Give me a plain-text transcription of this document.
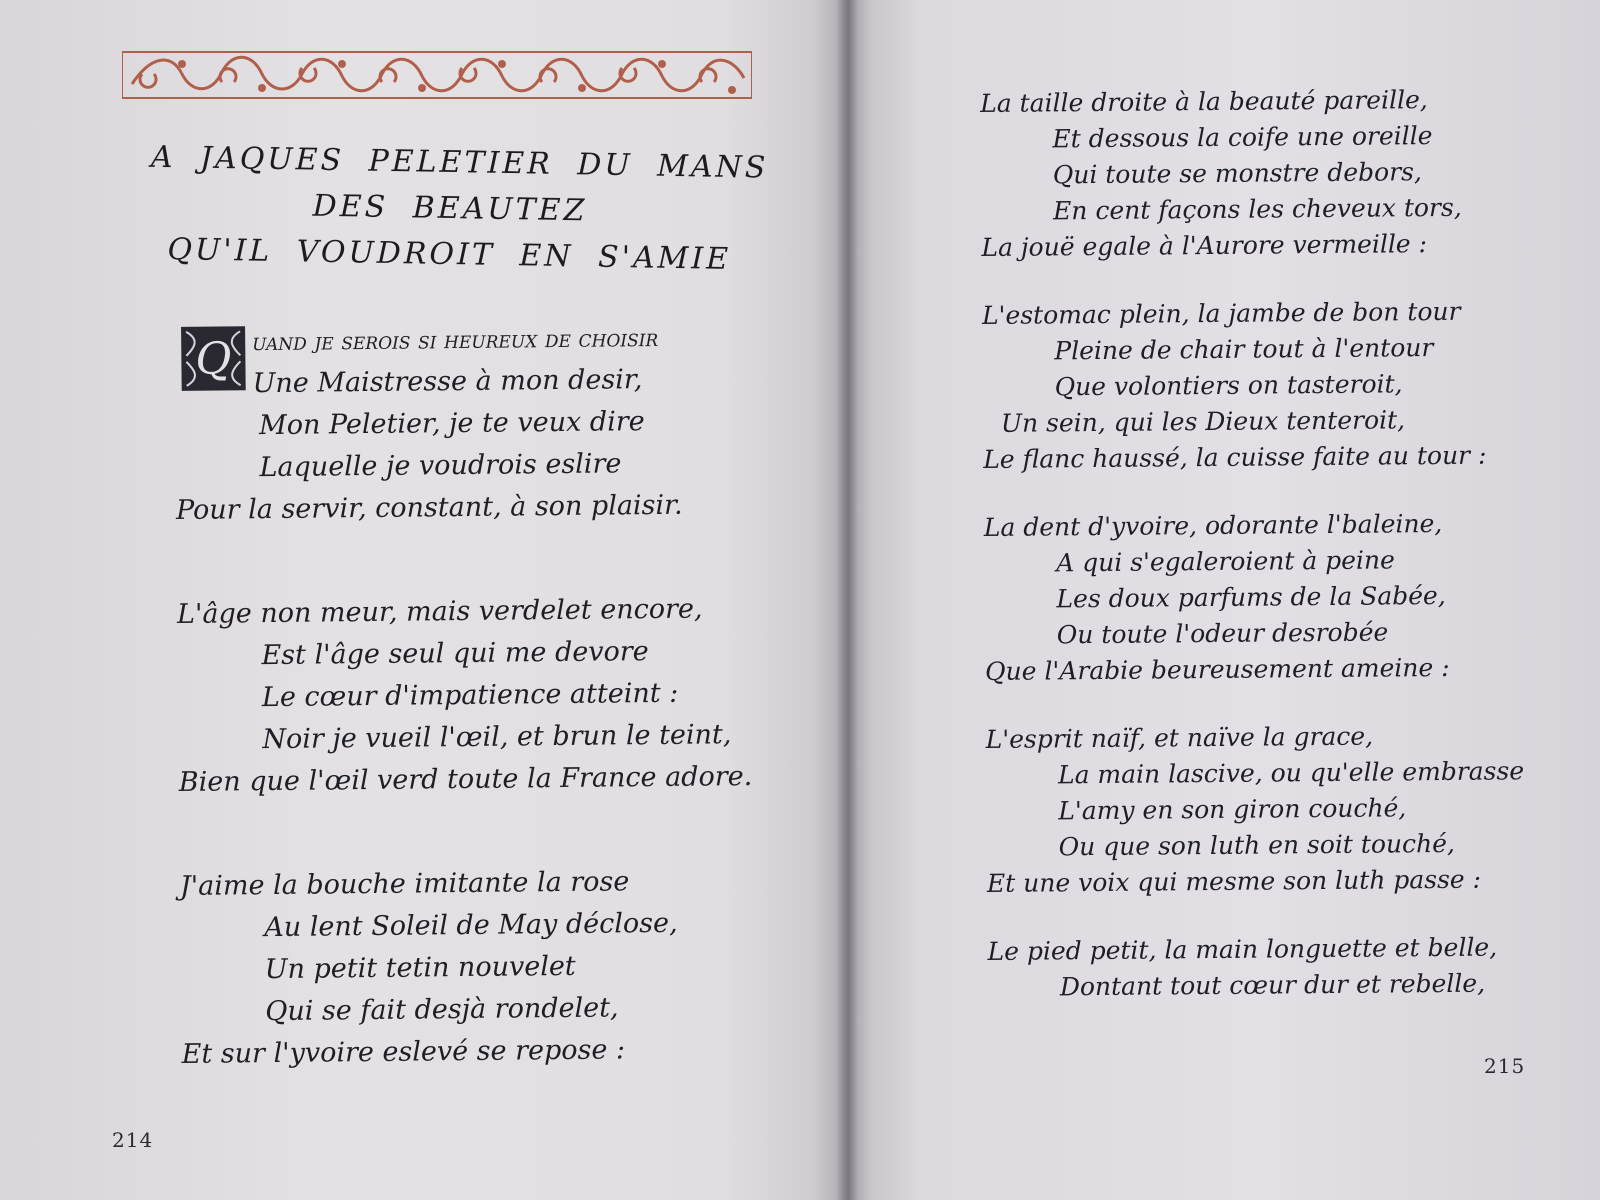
A JAQUES PELETIER DU MANS
DES BEAUTEZ
QU'IL VOUDROIT EN S'AMIE
Q uand je serois si heureux de choisir
Une Maistresse à mon desir,
Mon Peletier, je te veux dire
Laquelle je voudrois eslire
Pour la servir, constant, à son plaisir.
L'âge non meur, mais verdelet encore,
Est l'âge seul qui me devore
Le cœur d'impatience atteint :
Noir je vueil l'œil, et brun le teint,
Bien que l'œil verd toute la France adore.
J'aime la bouche imitante la rose
Au lent Soleil de May déclose,
Un petit tetin nouvelet
Qui se fait desjà rondelet,
Et sur l'yvoire eslevé se repose :
214
La taille droite à la beauté pareille,
Et dessous la coife une oreille
Qui toute se monstre debors,
En cent façons les cheveux tors,
La jouë egale à l'Aurore vermeille :
L'estomac plein, la jambe de bon tour
Pleine de chair tout à l'entour
Que volontiers on tasteroit,
Un sein, qui les Dieux tenteroit,
Le flanc haussé, la cuisse faite au tour :
La dent d'yvoire, odorante l'baleine,
A qui s'egaleroient à peine
Les doux parfums de la Sabée,
Ou toute l'odeur desrobée
Que l'Arabie beureusement ameine :
L'esprit naïf, et naïve la grace,
La main lascive, ou qu'elle embrasse
L'amy en son giron couché,
Ou que son luth en soit touché,
Et une voix qui mesme son luth passe :
Le pied petit, la main longuette et belle,
Dontant tout cœur dur et rebelle,
215
